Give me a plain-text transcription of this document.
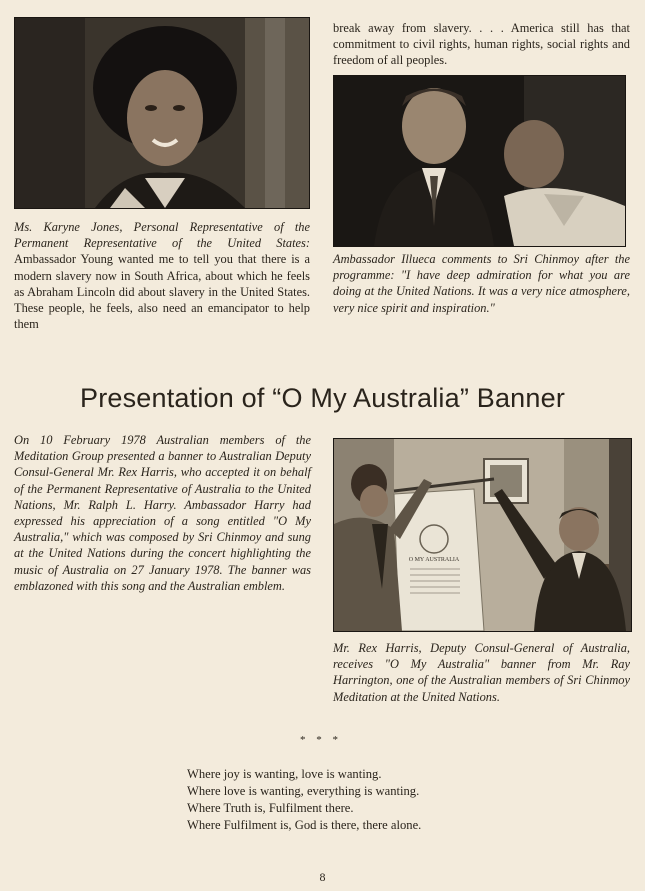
O MY AUSTRALIA
Ms. Karyne Jones, Personal Representative of the Permanent Representative of the United States: Ambassador Young wanted me to tell you that there is a modern slavery now in South Africa, about which he feels as Abraham Lincoln did about slavery in the United States. These people, he feels, also need an emancipator to help them
break away from slavery. . . . America still has that commitment to civil rights, human rights, social rights and freedom of all peoples.
Ambassador Illueca comments to Sri Chinmoy after the programme: "I have deep admiration for what you are doing at the United Nations. It was a very nice atmosphere, very nice spirit and inspiration."
Presentation of “O My Australia” Banner
On 10 February 1978 Australian members of the Meditation Group presented a banner to Australian Deputy Consul-General Mr. Rex Harris, who accepted it on behalf of the Permanent Representative of Australia to the United Nations, Mr. Ralph L. Harry. Ambassador Harry had expressed his appreciation of a song entitled "O My Australia," which was composed by Sri Chinmoy and sung at the United Nations during the concert highlighting the music of Australia on 27 January 1978. The banner was emblazoned with this song and the Australian emblem.
Mr. Rex Harris, Deputy Consul-General of Australia, receives "O My Australia" banner from Mr. Ray Harrington, one of the Australian members of Sri Chinmoy Meditation at the United Nations.
* * *
Where joy is wanting, love is wanting.
Where love is wanting, everything is wanting.
Where Truth is, Fulfilment there.
Where Fulfilment is, God is there, there alone.
8
